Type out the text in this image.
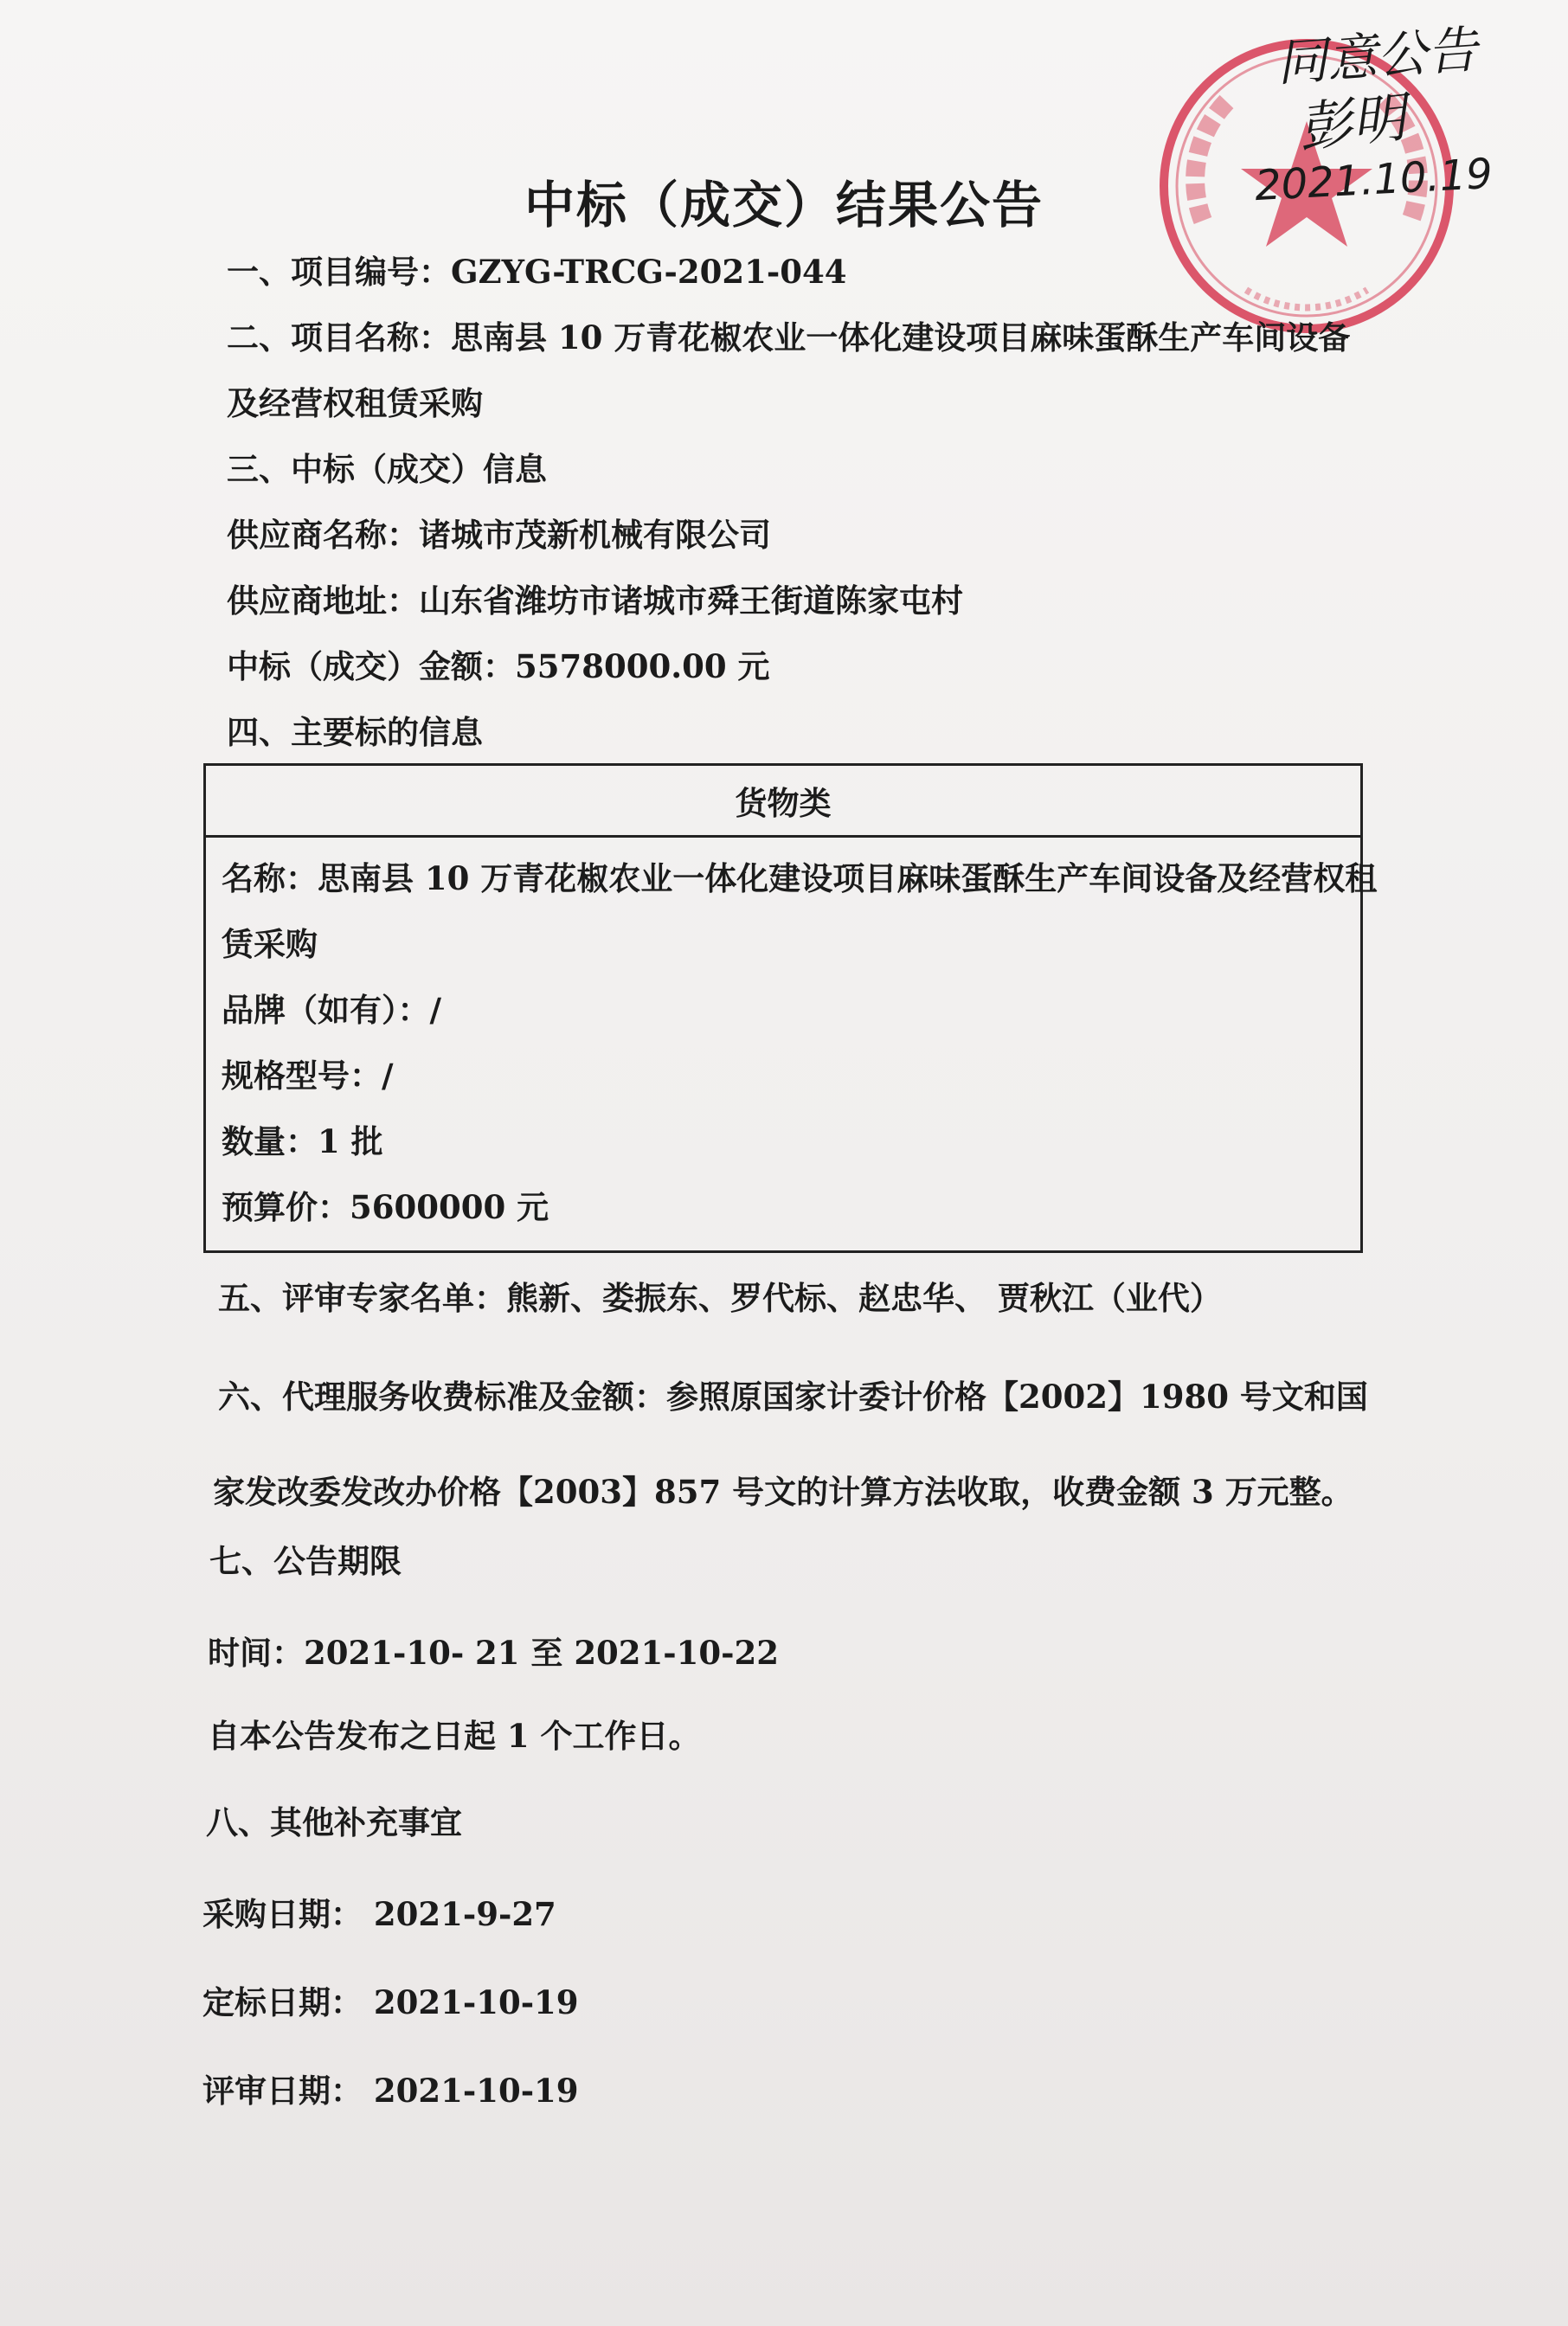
同意公告
彭明
2021.10.19
中标（成交）结果公告
一、项目编号：GZYG-TRCG-2021-044
二、项目名称：思南县 10 万青花椒农业一体化建设项目麻味蛋酥生产车间设备
及经营权租赁采购
三、中标（成交）信息
供应商名称：诸城市茂新机械有限公司
供应商地址：山东省潍坊市诸城市舜王街道陈家屯村
中标（成交）金额：5578000.00 元
四、主要标的信息
货物类
名称：思南县 10 万青花椒农业一体化建设项目麻味蛋酥生产车间设备及经营权租
赁采购
品牌（如有）：/
规格型号：/
数量：1 批
预算价：5600000 元
五、评审专家名单：熊新、娄振东、罗代标、赵忠华、 贾秋江（业代）
六、代理服务收费标准及金额：参照原国家计委计价格【2002】1980 号文和国
家发改委发改办价格【2003】857 号文的计算方法收取，收费金额 3 万元整。
七、公告期限
时间：2021-10- 21 至 2021-10-22
自本公告发布之日起 1 个工作日。
八、其他补充事宜
采购日期： 2021-9-27
定标日期： 2021-10-19
评审日期： 2021-10-19
